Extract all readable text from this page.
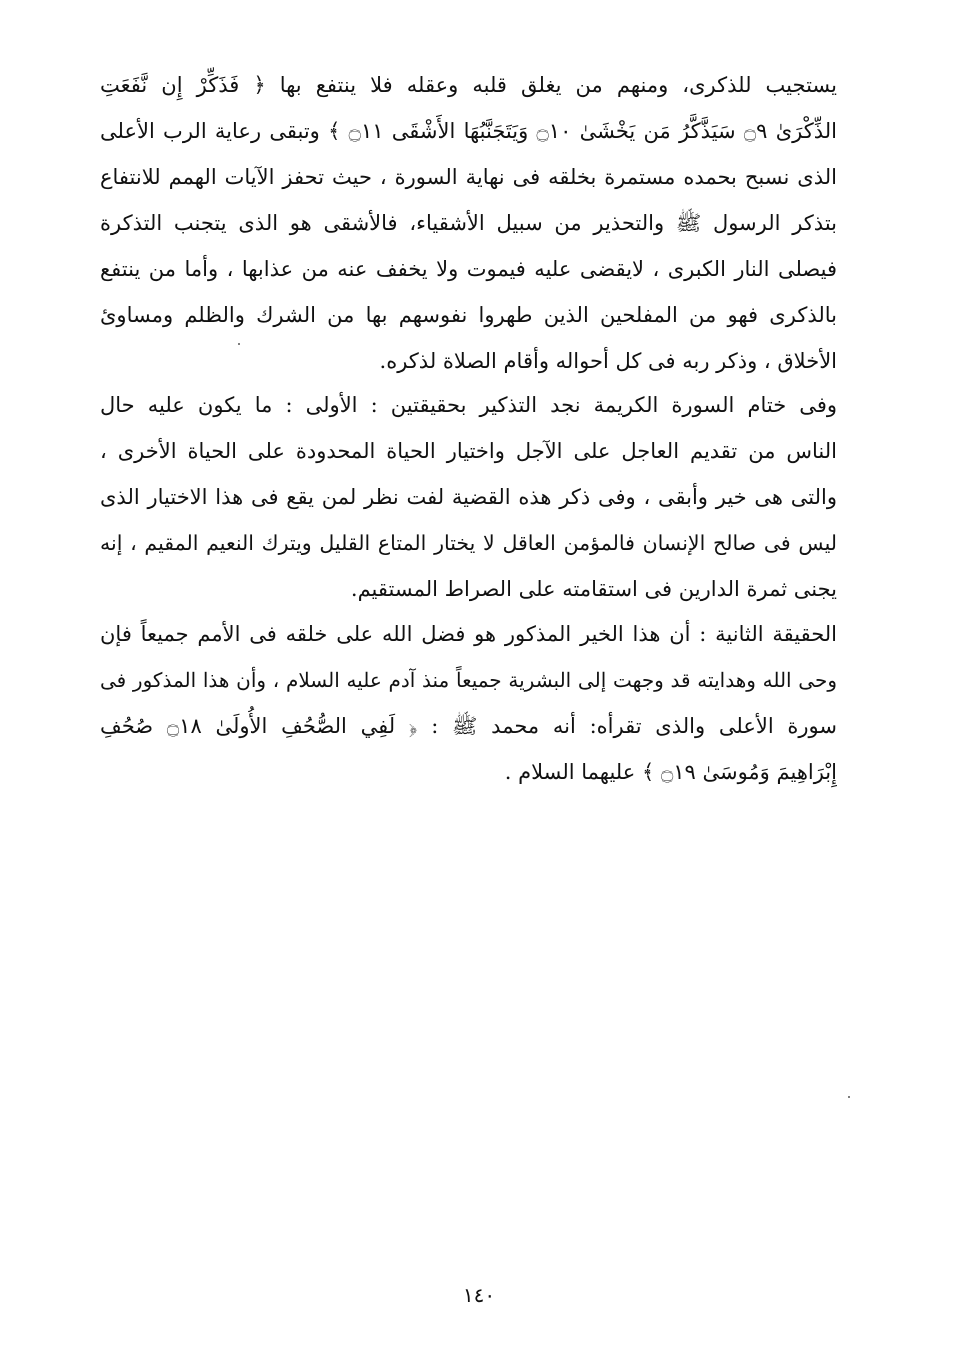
يستجيب للذكرى، ومنهم من يغلق قلبه وعقله فلا ينتفع بها ﴿ فَذَكِّرْ إِن نَّفَعَتِ
الذِّكْرَىٰ ۝٩ سَيَذَّكَّرُ مَن يَخْشَىٰ ۝١٠ وَيَتَجَنَّبُهَا الأَشْقَى ۝١١ ﴾ وتبقى رعاية الرب الأعلى
الذى نسبح بحمده مستمرة بخلقه فى نهاية السورة ، حيث تحفز الآيات الهمم للانتفاع
بتذكر الرسول ﷺ والتحذير من سبيل الأشقياء، فالأشقى هو الذى يتجنب التذكرة
فيصلى النار الكبرى ، لايقضى عليه فيموت ولا يخفف عنه من عذابها ، وأما من ينتفع
بالذكرى فهو من المفلحين الذين طهروا نفوسهم بها من الشرك والظلم ومساوئ
الأخلاق ، وذكر ربه فى كل أحواله وأقام الصلاة لذكره.
وفى ختام السورة الكريمة نجد التذكير بحقيقتين : الأولى : ما يكون عليه حال
الناس من تقديم العاجل على الآجل واختيار الحياة المحدودة على الحياة الأخرى ،
والتى هى خير وأبقى ، وفى ذكر هذه القضية لفت نظر لمن يقع فى هذا الاختيار الذى
ليس فى صالح الإنسان فالمؤمن العاقل لا يختار المتاع القليل ويترك النعيم المقيم ، إنه
يجنى ثمرة الدارين فى استقامته على الصراط المستقيم.
الحقيقة الثانية : أن هذا الخير المذكور هو فضل الله على خلقه فى الأمم جميعاً فإن
وحى الله وهدايته قد وجهت إلى البشرية جميعاً منذ آدم عليه السلام ، وأن هذا المذكور فى
سورة الأعلى والذى تقرأه: أنه محمد ﷺ : ﴿ لَفِي الصُّحُفِ الأُولَىٰ ۝١٨ صُحُفِ
إِبْرَاهِيمَ وَمُوسَىٰ ۝١٩ ﴾ عليهما السلام .
١٤٠
